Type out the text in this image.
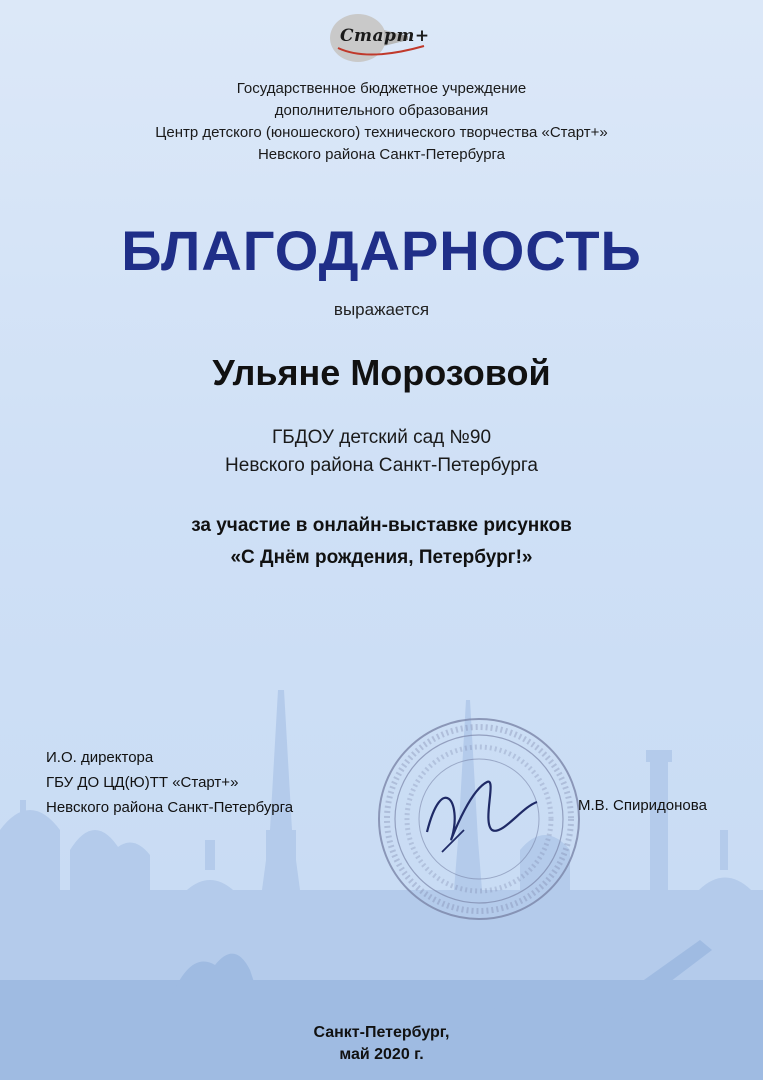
Старт+
Государственное бюджетное учреждение
дополнительного образования
Центр детского (юношеского) технического творчества «Старт+»
Невского района Санкт-Петербурга
БЛАГОДАРНОСТЬ
выражается
Ульяне Морозовой
ГБДОУ детский сад №90
Невского района Санкт-Петербурга
за участие в онлайн-выставке рисунков
«С Днём рождения, Петербург!»
И.О. директора
ГБУ ДО ЦД(Ю)ТТ «Старт+»
Невского района Санкт-Петербурга	М.В. Спиридонова
Санкт-Петербург,
май 2020 г.
